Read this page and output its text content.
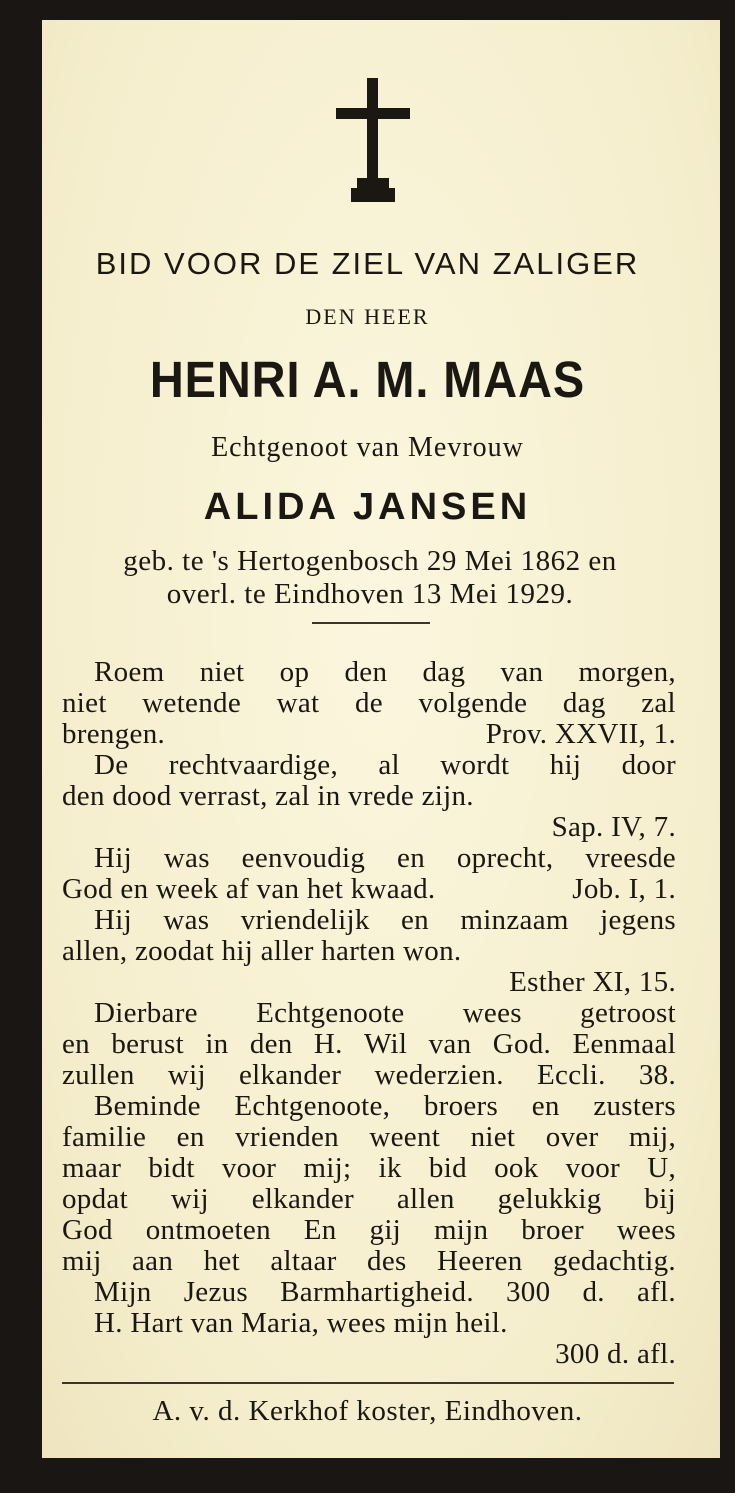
BID VOOR DE ZIEL VAN ZALIGER
DEN HEER
HENRI A. M. MAAS
Echtgenoot van Mevrouw
ALIDA JANSEN
geb. te 's Hertogenbosch 29 Mei 1862 en
overl. te Eindhoven 13 Mei 1929.
Roem niet op den dag van morgen,
niet wetende wat de volgende dag zal
brengen.	Prov. XXVII, 1.
De rechtvaardige, al wordt hij door
den dood verrast, zal in vrede zijn.
Sap. IV, 7.
Hij was eenvoudig en oprecht, vreesde
God en week af van het kwaad.	Job. I, 1.
Hij was vriendelijk en minzaam jegens
allen, zoodat hij aller harten won.
Esther XI, 15.
Dierbare Echtgenoote wees getroost
en berust in den H. Wil van God. Eenmaal
zullen wij elkander wederzien. Eccli. 38.
Beminde Echtgenoote, broers en zusters
familie en vrienden weent niet over mij,
maar bidt voor mij; ik bid ook voor U,
opdat wij elkander allen gelukkig bij
God ontmoeten En gij mijn broer wees
mij aan het altaar des Heeren gedachtig.
Mijn Jezus Barmhartigheid. 300 d. afl.
H. Hart van Maria, wees mijn heil.
300 d. afl.
A. v. d. Kerkhof koster, Eindhoven.
